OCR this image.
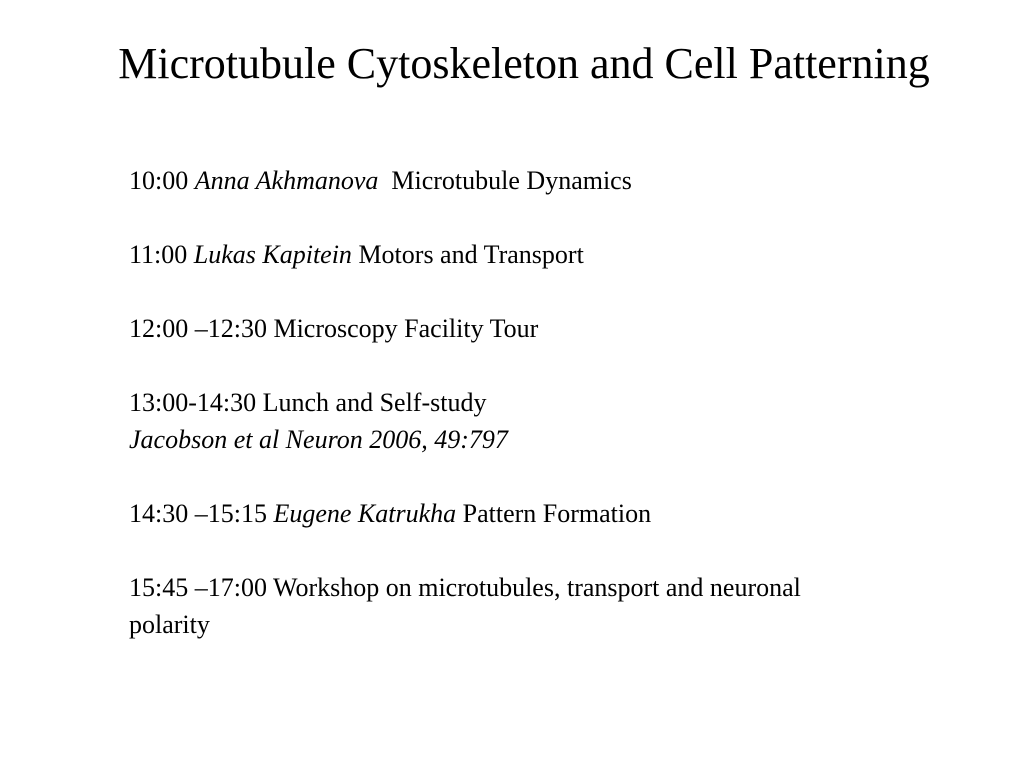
Microtubule Cytoskeleton and Cell Patterning
10:00 Anna Akhmanova Microtubule Dynamics
11:00 Lukas Kapitein Motors and Transport
12:00 –12:30 Microscopy Facility Tour
13:00-14:30 Lunch and Self-study
Jacobson et al Neuron 2006, 49:797
14:30 –15:15 Eugene Katrukha Pattern Formation
15:45 –17:00 Workshop on microtubules, transport and neuronal
polarity
